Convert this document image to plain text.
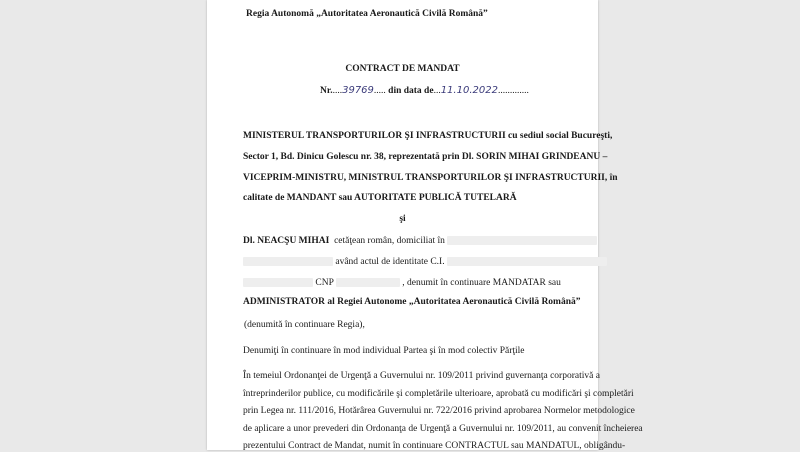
Regia Autonomă „Autoritatea Aeronautică Civilă Română”
CONTRACT DE MANDAT
Nr.....39769..... din data de...11.10.2022.............
MINISTERUL TRANSPORTURILOR ŞI INFRASTRUCTURII cu sediul social Bucureşti,
Sector 1, Bd. Dinicu Golescu nr. 38, reprezentată prin Dl. SORIN MIHAI GRINDEANU –
VICEPRIM-MINISTRU, MINISTRUL TRANSPORTURILOR ŞI INFRASTRUCTURII, în
calitate de MANDANT sau AUTORITATE PUBLICĂ TUTELARĂ
şi
Dl. NEACŞU MIHAI cetăţean român, domiciliat în
având actul de identitate C.I.
CNP	, denumit în continuare MANDATAR sau
ADMINISTRATOR al Regiei Autonome „Autoritatea Aeronautică Civilă Română”
(denumită în continuare Regia),
Denumiţi în continuare în mod individual Partea şi în mod colectiv Părţile
În temeiul Ordonanţei de Urgenţă a Guvernului nr. 109/2011 privind guvernanţa corporativă a
întreprinderilor publice, cu modificările şi completările ulterioare, aprobată cu modificări şi completări
prin Legea nr. 111/2016, Hotărârea Guvernului nr. 722/2016 privind aprobarea Normelor metodologice
de aplicare a unor prevederi din Ordonanţa de Urgenţă a Guvernului nr. 109/2011, au convenit încheierea
prezentului Contract de Mandat, numit în continuare CONTRACTUL sau MANDATUL, obligându-
